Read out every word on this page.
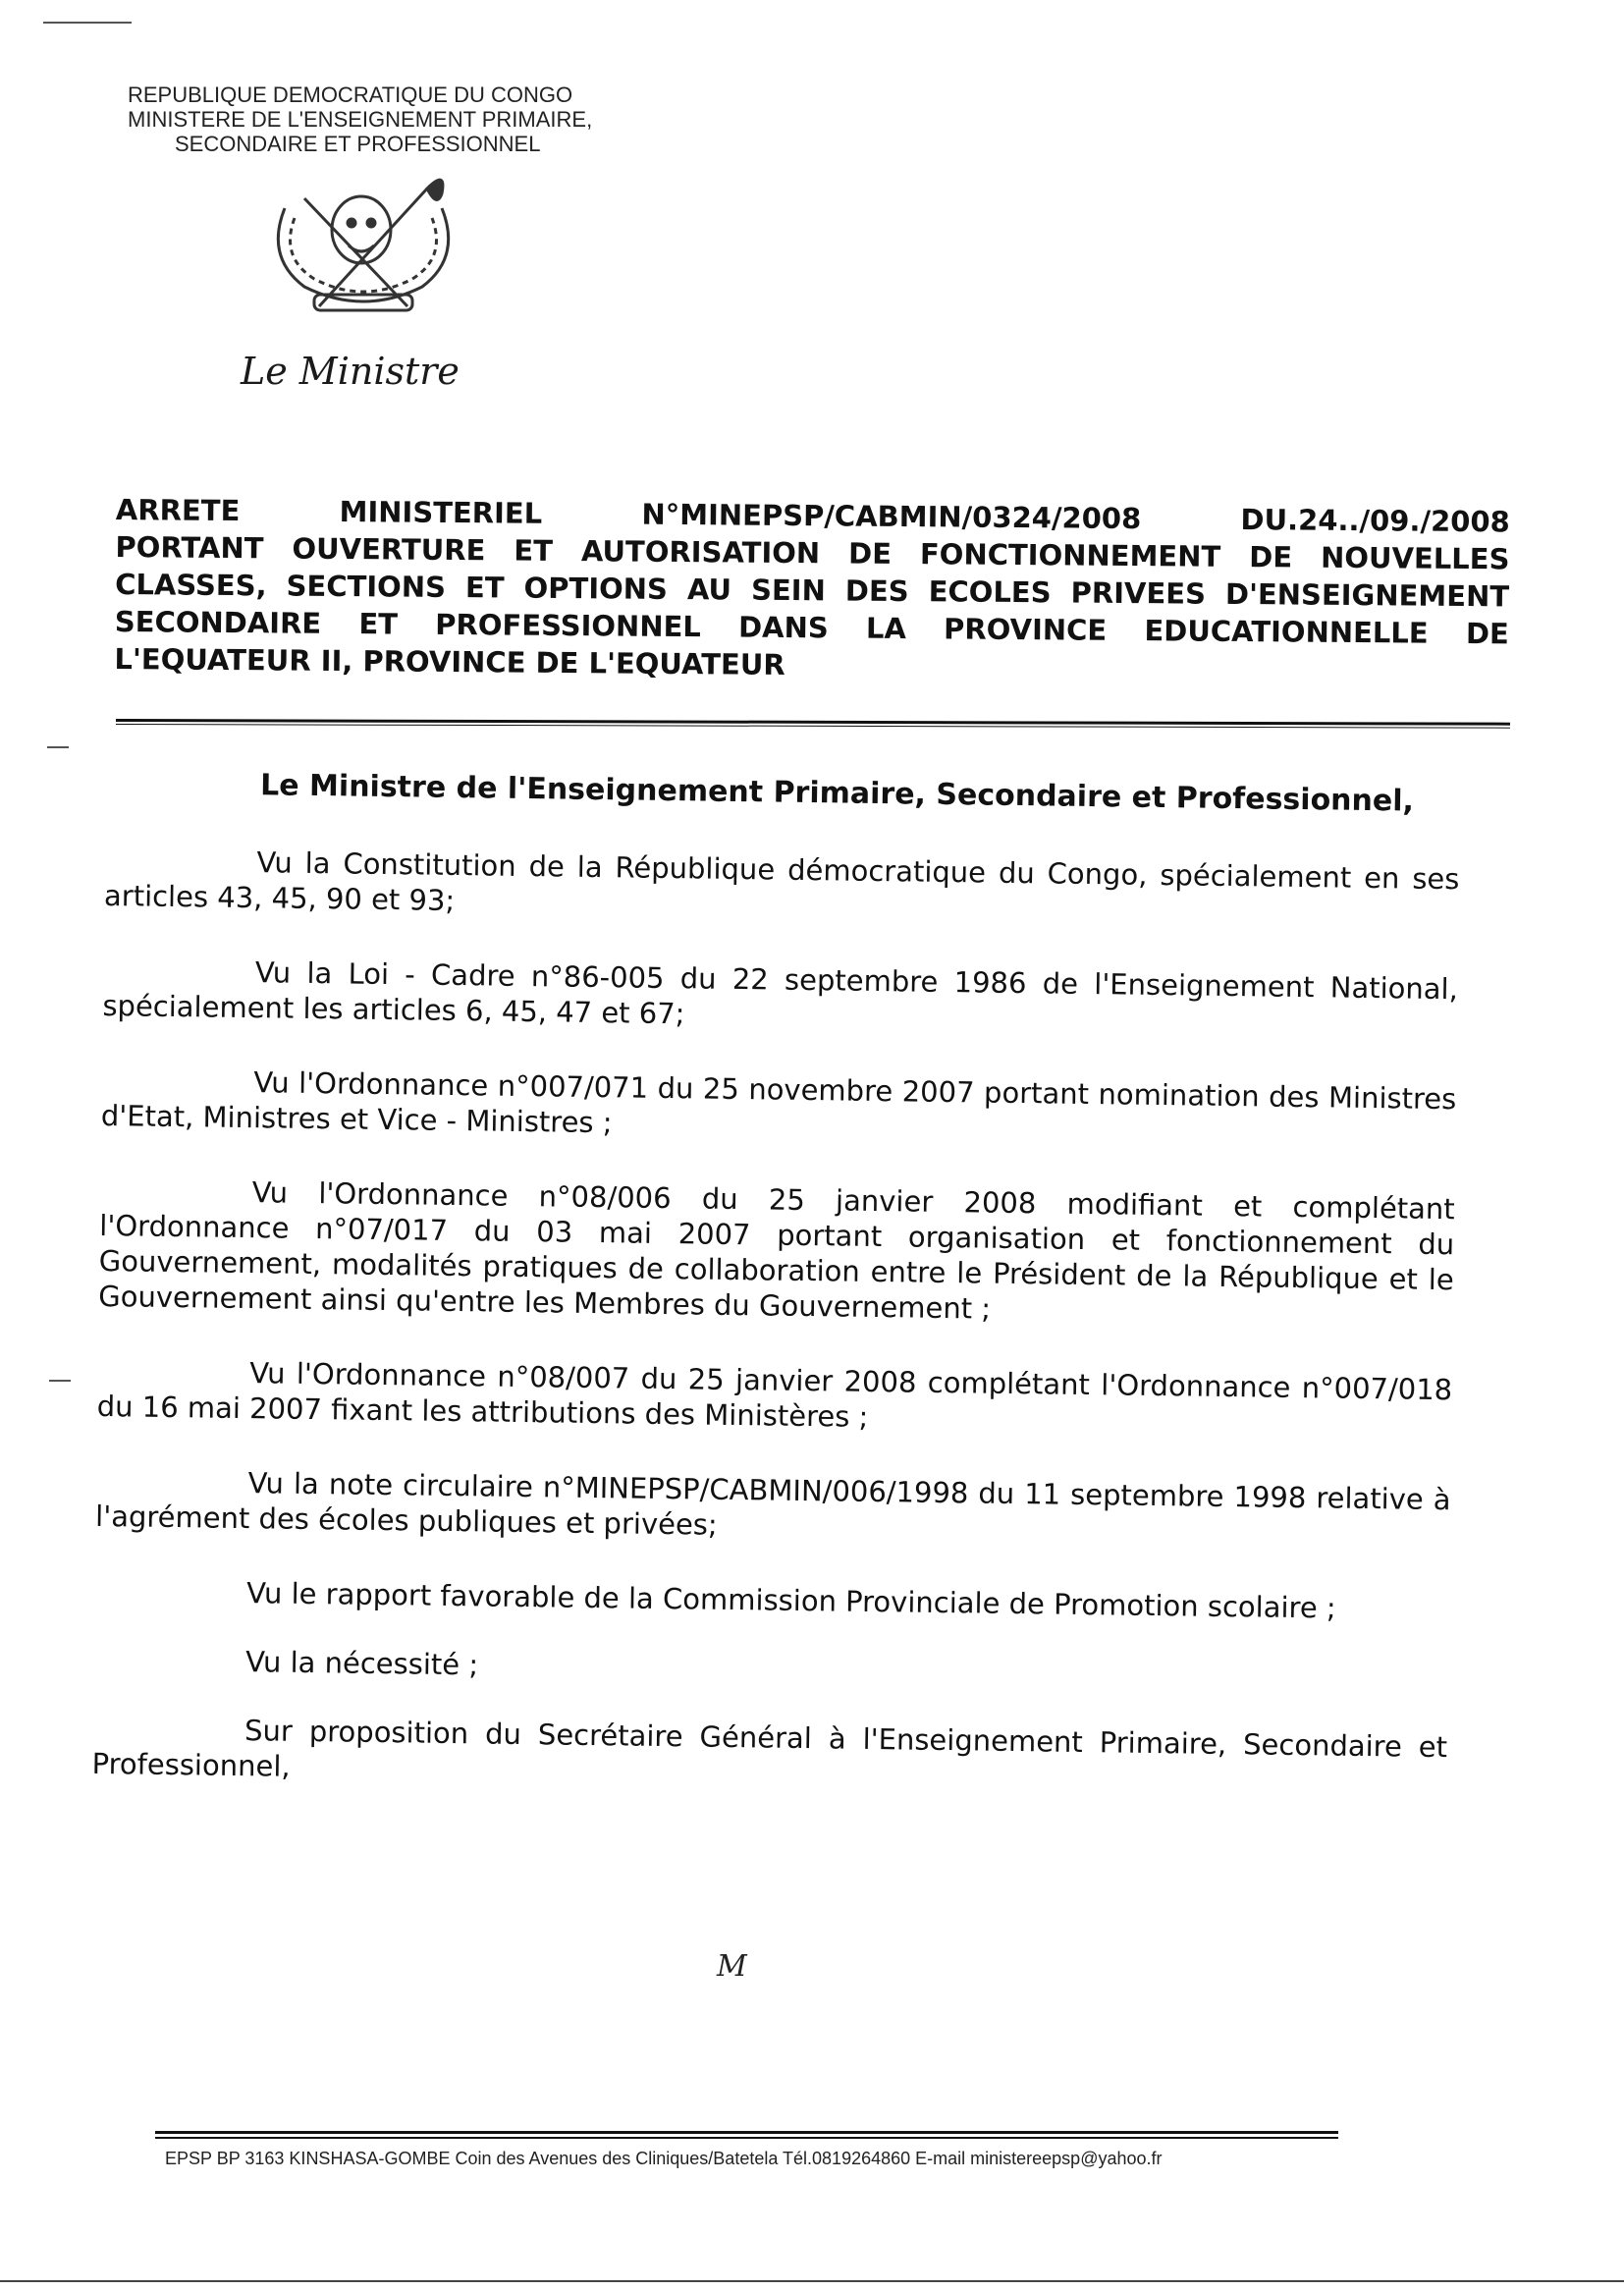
REPUBLIQUE DEMOCRATIQUE DU CONGO
MINISTERE DE L'ENSEIGNEMENT PRIMAIRE,
SECONDAIRE ET PROFESSIONNEL
Le Ministre
ARRETE	MINISTERIEL	N°MINEPSP/CABMIN/0324/2008	DU.24../09./2008
PORTANT OUVERTURE ET AUTORISATION DE FONCTIONNEMENT DE NOUVELLES CLASSES, SECTIONS ET OPTIONS AU SEIN DES ECOLES PRIVEES D'ENSEIGNEMENT SECONDAIRE ET PROFESSIONNEL DANS LA PROVINCE EDUCATIONNELLE DE L'EQUATEUR II, PROVINCE DE L'EQUATEUR
Le Ministre de l'Enseignement Primaire, Secondaire et Professionnel,

Vu la Constitution de la République démocratique du Congo, spécialement en ses articles 43, 45, 90 et 93;

Vu la Loi - Cadre n°86-005 du 22 septembre 1986 de l'Enseignement National, spécialement les articles 6, 45, 47 et 67;

Vu l'Ordonnance n°007/071 du 25 novembre 2007 portant nomination des Ministres d'Etat, Ministres et Vice - Ministres ;

Vu l'Ordonnance n°08/006 du 25 janvier 2008 modifiant et complétant l'Ordonnance n°07/017 du 03 mai 2007 portant organisation et fonctionnement du Gouvernement, modalités pratiques de collaboration entre le Président de la République et le Gouvernement ainsi qu'entre les Membres du Gouvernement ;

Vu l'Ordonnance n°08/007 du 25 janvier 2008 complétant l'Ordonnance n°007/018 du 16 mai 2007 fixant les attributions des Ministères ;

Vu la note circulaire n°MINEPSP/CABMIN/006/1998 du 11 septembre 1998 relative à l'agrément des écoles publiques et privées;

Vu le rapport favorable de la Commission Provinciale de Promotion scolaire ;

Vu la nécessité ;

Sur proposition du Secrétaire Général à l'Enseignement Primaire, Secondaire et Professionnel,

M
EPSP BP 3163 KINSHASA-GOMBE Coin des Avenues des Cliniques/Batetela Tél.0819264860 E-mail ministereepsp@yahoo.fr
